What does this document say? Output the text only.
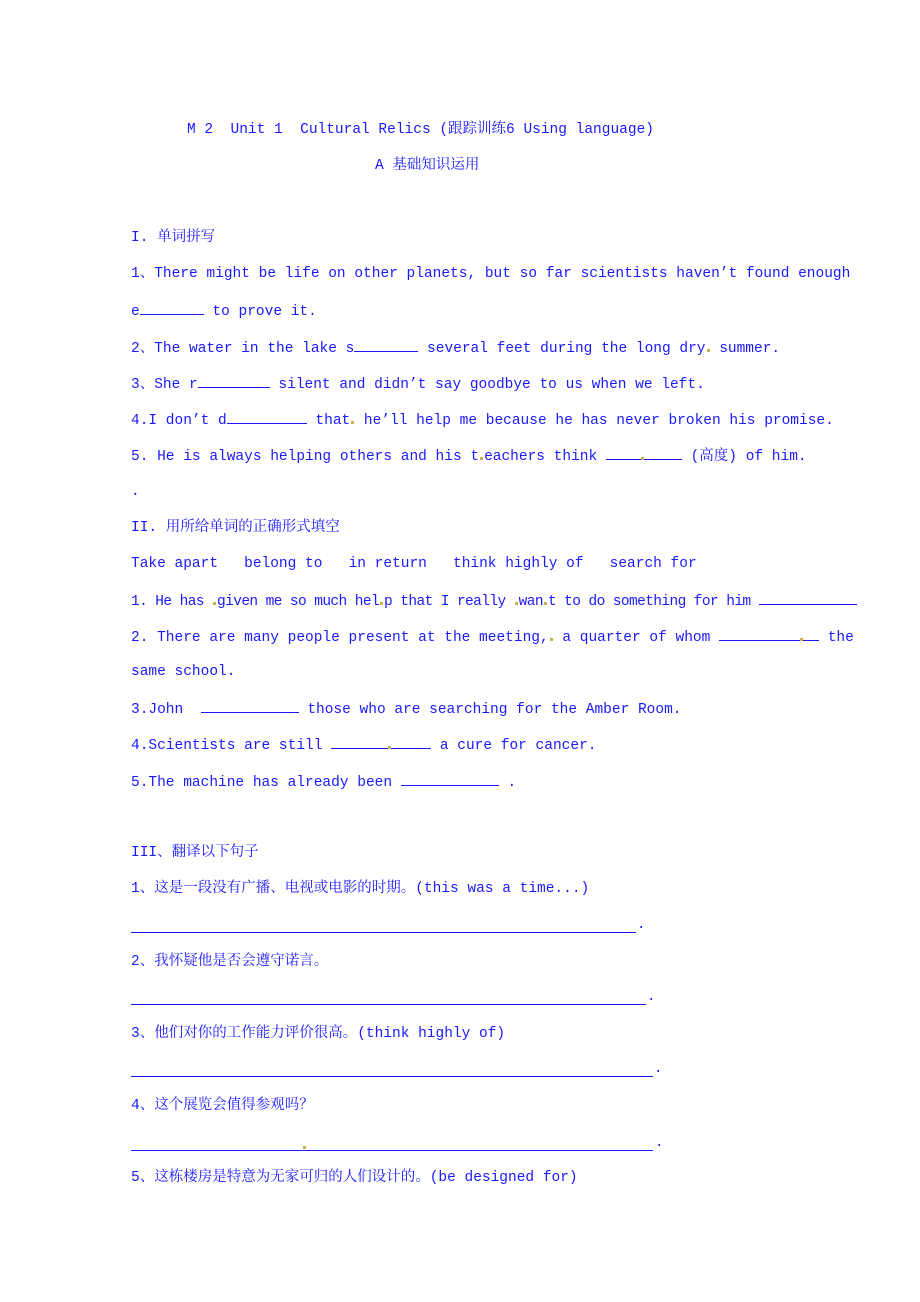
M 2  Unit 1  Cultural Relics (跟踪训练6 Using language)
A 基础知识运用
I. 单词拼写
1、There might be life on other planets, but so far scientists haven’t found enough
e	to prove it.
2、The water in the lake s	several feet during the long dry summer.
3、She r	silent and didn’t say goodbye to us when we left.
4.I don’t d	that he’ll help me because he has never broken his promise.
5. He is always helping others and his t eachers think	(高度) of him.
.
II. 用所给单词的正确形式填空
Take apart belong to in return think highly of search for
1. He has given me so much hel p that I really wan t to do something for him
2. There are many people present at the meeting, a quarter of whom	the
same school.
3.John	those who are searching for the Amber Room.
4.Scientists are still	a cure for cancer.
5.The machine has already been	.
III、翻译以下句子
1、这是一段没有广播、电视或电影的时期。(this was a time...)
.
2、我怀疑他是否会遵守诺言。
.
3、他们对你的工作能力评价很高。(think highly of)
.
4、这个展览会值得参观吗？
.
5、这栋楼房是特意为无家可归的人们设计的。(be designed for)
